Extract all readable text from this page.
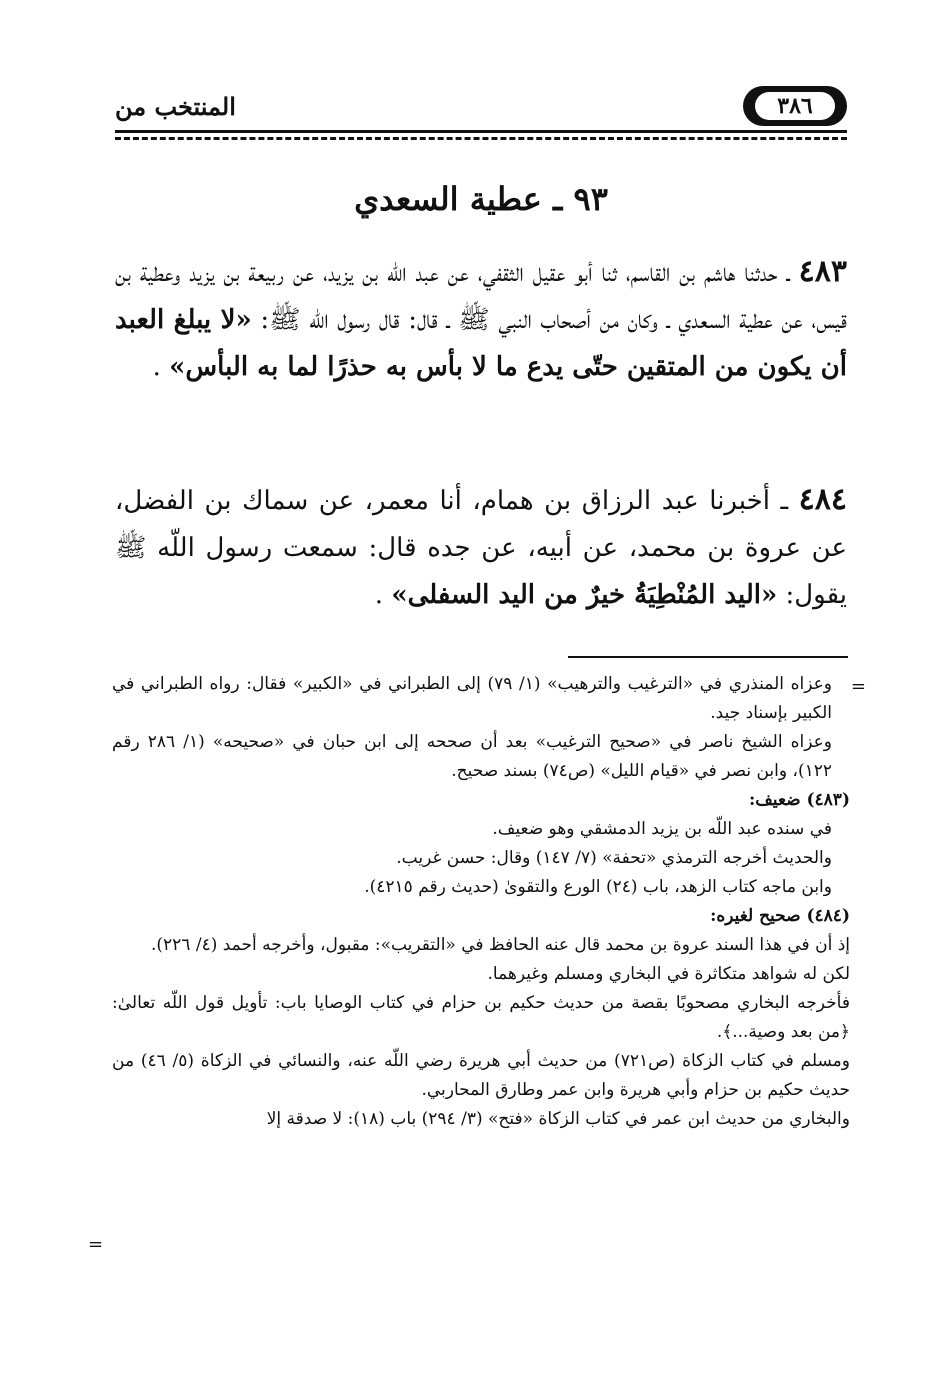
٣٨٦
المنتخب من
٩٣ ـ عطية السعدي
٤٨٣ ـ حدثنا هاشم بن القاسم، ثنا أبو عقيل الثقفي، عن عبد اللّه بن يزيد، عن ربيعة بن يزيد وعطية بن قيس، عن عطية السعدي ـ وكان من أصحاب النبي ﷺ ـ قال: قال رسول اللّه ﷺ: «لا يبلغ العبد أن يكون من المتقين حتّى يدع ما لا بأس به حذرًا لما به البأس» .
٤٨٤ ـ أخبرنا عبد الرزاق بن همام، أنا معمر، عن سماك بن الفضل، عن عروة بن محمد، عن أبيه، عن جده قال: سمعت رسول اللّه ﷺ يقول: «اليد المُنْطِيَةُ خيرٌ من اليد السفلى» .
=

وعزاه المنذري في «الترغيب والترهيب» (١/ ٧٩) إلى الطبراني في «الكبير» فقال: رواه الطبراني في الكبير بإسناد جيد.

وعزاه الشيخ ناصر في «صحيح الترغيب» بعد أن صححه إلى ابن حبان في «صحيحه» (١/ ٢٨٦ رقم ١٢٢)، وابن نصر في «قيام الليل» (ص٧٤) بسند صحيح.

(٤٨٣) ضعيف:

في سنده عبد اللّه بن يزيد الدمشقي وهو ضعيف.

والحديث أخرجه الترمذي «تحفة» (٧/ ١٤٧) وقال: حسن غريب.

وابن ماجه كتاب الزهد، باب (٢٤) الورع والتقوىٰ (حديث رقم ٤٢١٥).

(٤٨٤) صحيح لغيره:

إذ أن في هذا السند عروة بن محمد قال عنه الحافظ في «التقريب»: مقبول، وأخرجه أحمد (٤/ ٢٢٦).

لكن له شواهد متكاثرة في البخاري ومسلم وغيرهما.

فأخرجه البخاري مصحوبًا بقصة من حديث حكيم بن حزام في كتاب الوصايا باب: تأويل قول اللّه تعالىٰ: ﴿من بعد وصية...﴾.

ومسلم في كتاب الزكاة (ص٧٢١) من حديث أبي هريرة رضي اللّه عنه، والنسائي في الزكاة (٥/ ٤٦) من حديث حكيم بن حزام وأبي هريرة وابن عمر وطارق المحاربي.

والبخاري من حديث ابن عمر في كتاب الزكاة «فتح» (٣/ ٢٩٤) باب (١٨): لا صدقة إلا

=
